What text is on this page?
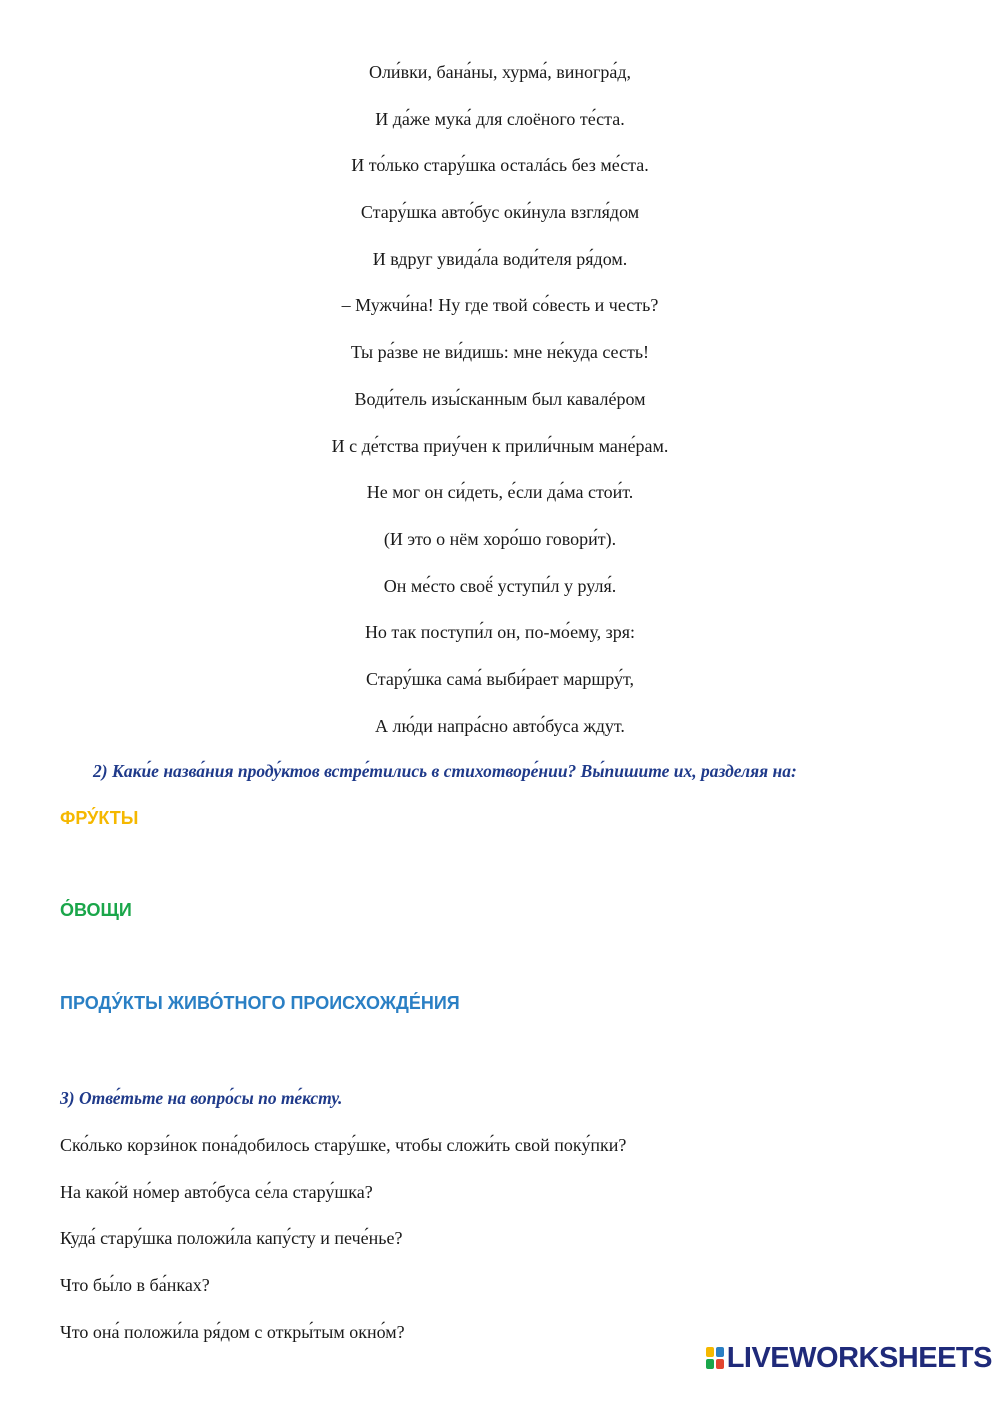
Оли́вки, бана́ны, хурма́, виногра́д,

И да́же мука́ для слоёного те́ста.

И то́лько стару́шка осталáсь без ме́ста.

Стару́шка авто́бус оки́нула взгля́дом

И вдруг увида́ла води́теля ря́дом.

– Мужчи́на! Ну где твой со́весть и честь?

Ты ра́зве не ви́дишь: мне не́куда сесть!

Води́тель изы́сканным был кавалéром

И с де́тства приу́чен к прили́чным мане́рам.

Не мог он си́деть, е́сли да́ма стои́т.

(И это о нём хоро́шо говори́т).

Он ме́сто своё́ уступи́л у руля́.

Но так поступи́л он, по-мо́ему, зря:

Стару́шка сама́ выби́рает маршру́т,

А лю́ди напра́сно авто́буса ждут.

2) Каки́е назва́ния проду́ктов встре́тились в стихотворе́нии? Вы́пишите их, разделяя на:

ФРУ́КТЫ

О́ВОЩИ

ПРОДУ́КТЫ ЖИВО́ТНОГО ПРОИСХОЖДЕ́НИЯ

3) Отве́тьте на вопро́сы по те́ксту.

Ско́лько корзи́нок пона́добилось стару́шке, чтобы сложи́ть свой поку́пки?

На како́й но́мер авто́буса се́ла стару́шка?

Куда́ стару́шка положи́ла капу́сту и пече́нье?

Что бы́ло в ба́нках?

Что она́ положи́ла ря́дом с откры́тым окно́м?

LIVEWORKSHEETS
